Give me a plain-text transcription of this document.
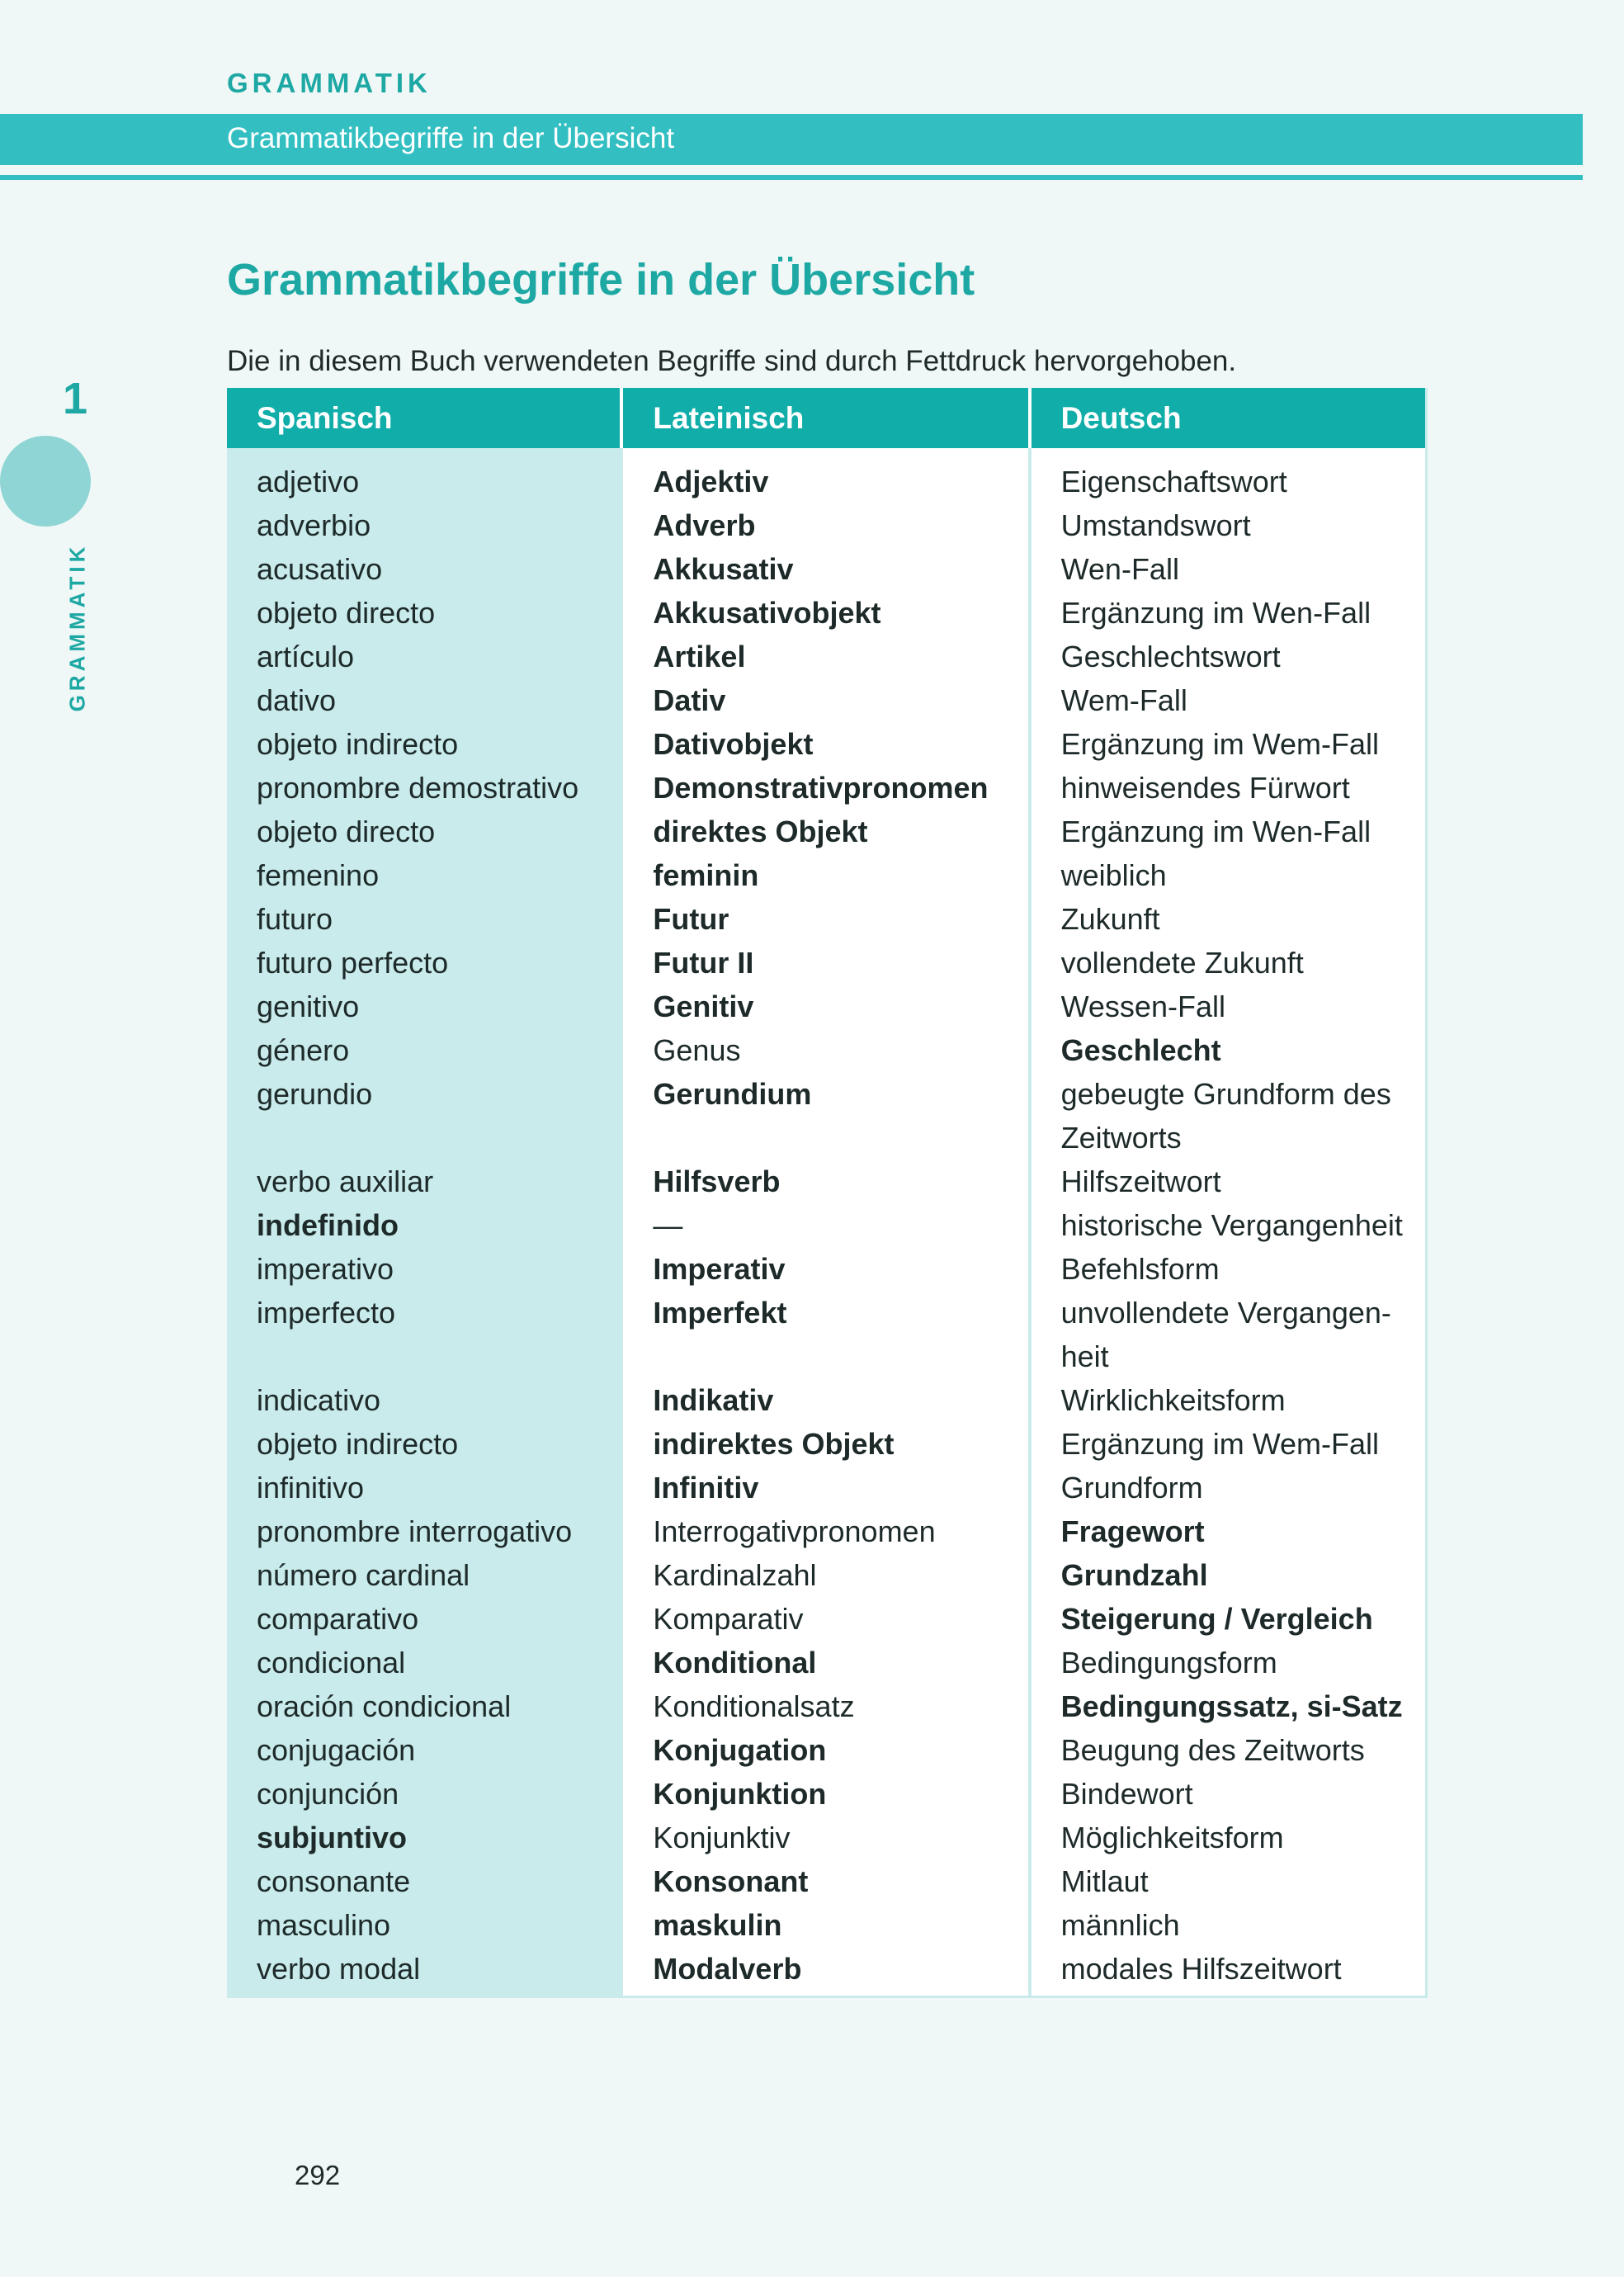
GRAMMATIK
Grammatikbegriffe in der Übersicht
1
GRAMMATIK
Grammatikbegriffe in der Übersicht
Die in diesem Buch verwendeten Begriffe sind durch Fettdruck hervorgehoben.
Spanisch	Lateinisch	Deutsch
adjetivo	Adjektiv	Eigenschaftswort
adverbio	Adverb	Umstandswort
acusativo	Akkusativ	Wen-Fall
objeto directo	Akkusativobjekt	Ergänzung im Wen-Fall
artículo	Artikel	Geschlechtswort
dativo	Dativ	Wem-Fall
objeto indirecto	Dativobjekt	Ergänzung im Wem-Fall
pronombre demostrativo	Demonstrativpronomen	hinweisendes Fürwort
objeto directo	direktes Objekt	Ergänzung im Wen-Fall
femenino	feminin	weiblich
futuro	Futur	Zukunft
futuro perfecto	Futur II	vollendete Zukunft
genitivo	Genitiv	Wessen-Fall
género	Genus	Geschlecht
gerundio	Gerundium	gebeugte Grundform des Zeitworts
verbo auxiliar	Hilfsverb	Hilfszeitwort
indefinido	—	historische Vergangenheit
imperativo	Imperativ	Befehlsform
imperfecto	Imperfekt	unvollendete Vergangen-heit
indicativo	Indikativ	Wirklichkeitsform
objeto indirecto	indirektes Objekt	Ergänzung im Wem-Fall
infinitivo	Infinitiv	Grundform
pronombre interrogativo	Interrogativpronomen	Fragewort
número cardinal	Kardinalzahl	Grundzahl
comparativo	Komparativ	Steigerung / Vergleich
condicional	Konditional	Bedingungsform
oración condicional	Konditionalsatz	Bedingungssatz, si-Satz
conjugación	Konjugation	Beugung des Zeitworts
conjunción	Konjunktion	Bindewort
subjuntivo	Konjunktiv	Möglichkeitsform
consonante	Konsonant	Mitlaut
masculino	maskulin	männlich
verbo modal	Modalverb	modales Hilfszeitwort
292
